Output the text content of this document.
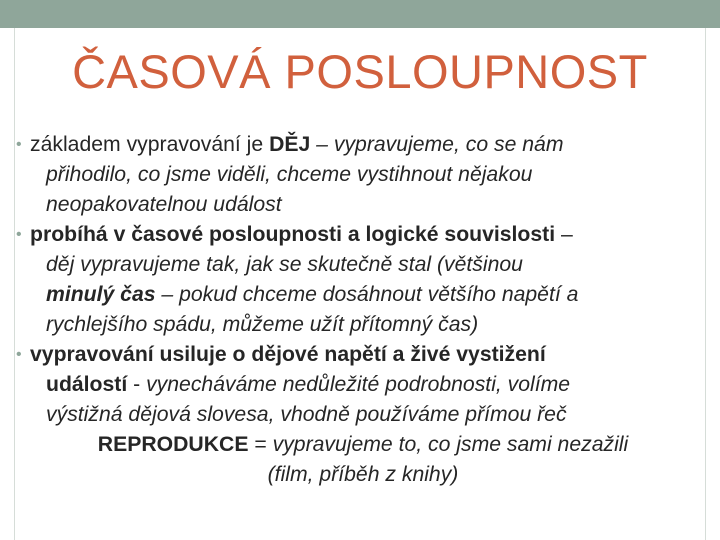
ČASOVÁ POSLOUPNOST

• základem vypravování je DĚJ – vypravujeme, co se nám
přihodilo, co jsme viděli, chceme vystihnout nějakou
neopakovatelnou událost

• probíhá v časové posloupnosti a logické souvislosti –
děj vypravujeme tak, jak se skutečně stal (většinou
minulý čas – pokud chceme dosáhnout většího napětí a
rychlejšího spádu, můžeme užít přítomný čas)

• vypravování usiluje o dějové napětí a živé vystižení
událostí - vynecháváme nedůležité podrobnosti, volíme
výstižná dějová slovesa, vhodně používáme přímou řeč

REPRODUKCE = vypravujeme to, co jsme sami nezažili

(film, příběh z knihy)
